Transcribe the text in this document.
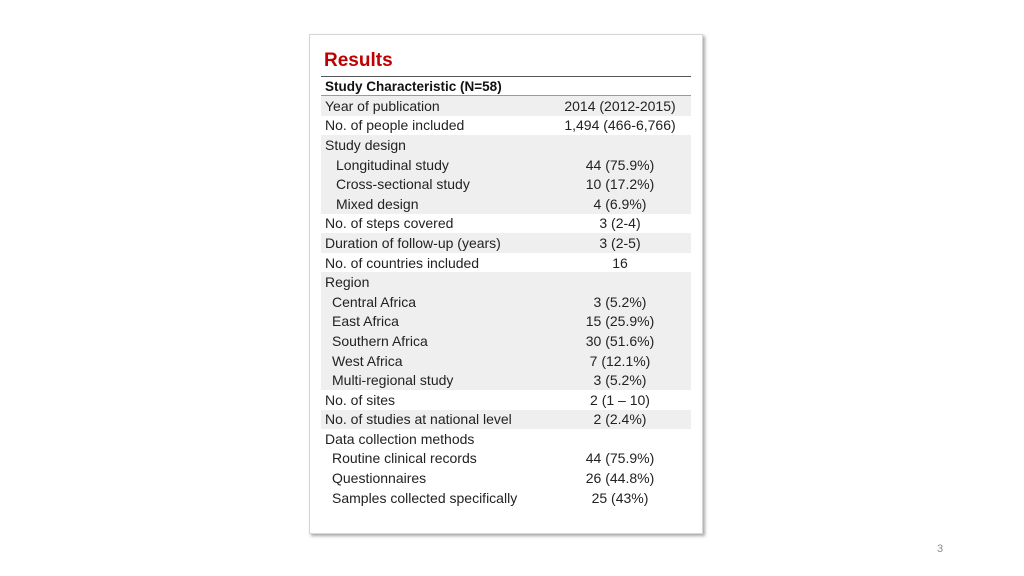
Results
Study Characteristic (N=58)
Year of publication	2014 (2012-2015)
No. of people included	1,494 (466-6,766)
Study design
Longitudinal study	44 (75.9%)
Cross-sectional study	10 (17.2%)
Mixed design	4 (6.9%)
No. of steps covered	3 (2-4)
Duration of follow-up (years)	3 (2-5)
No. of countries included	16
Region
Central Africa	3 (5.2%)
East Africa	15 (25.9%)
Southern Africa	30 (51.6%)
West Africa	7 (12.1%)
Multi-regional study	3 (5.2%)
No. of sites	2 (1 – 10)
No. of studies at national level	2 (2.4%)
Data collection methods
Routine clinical records	44 (75.9%)
Questionnaires	26 (44.8%)
Samples collected specifically	25 (43%)
3
